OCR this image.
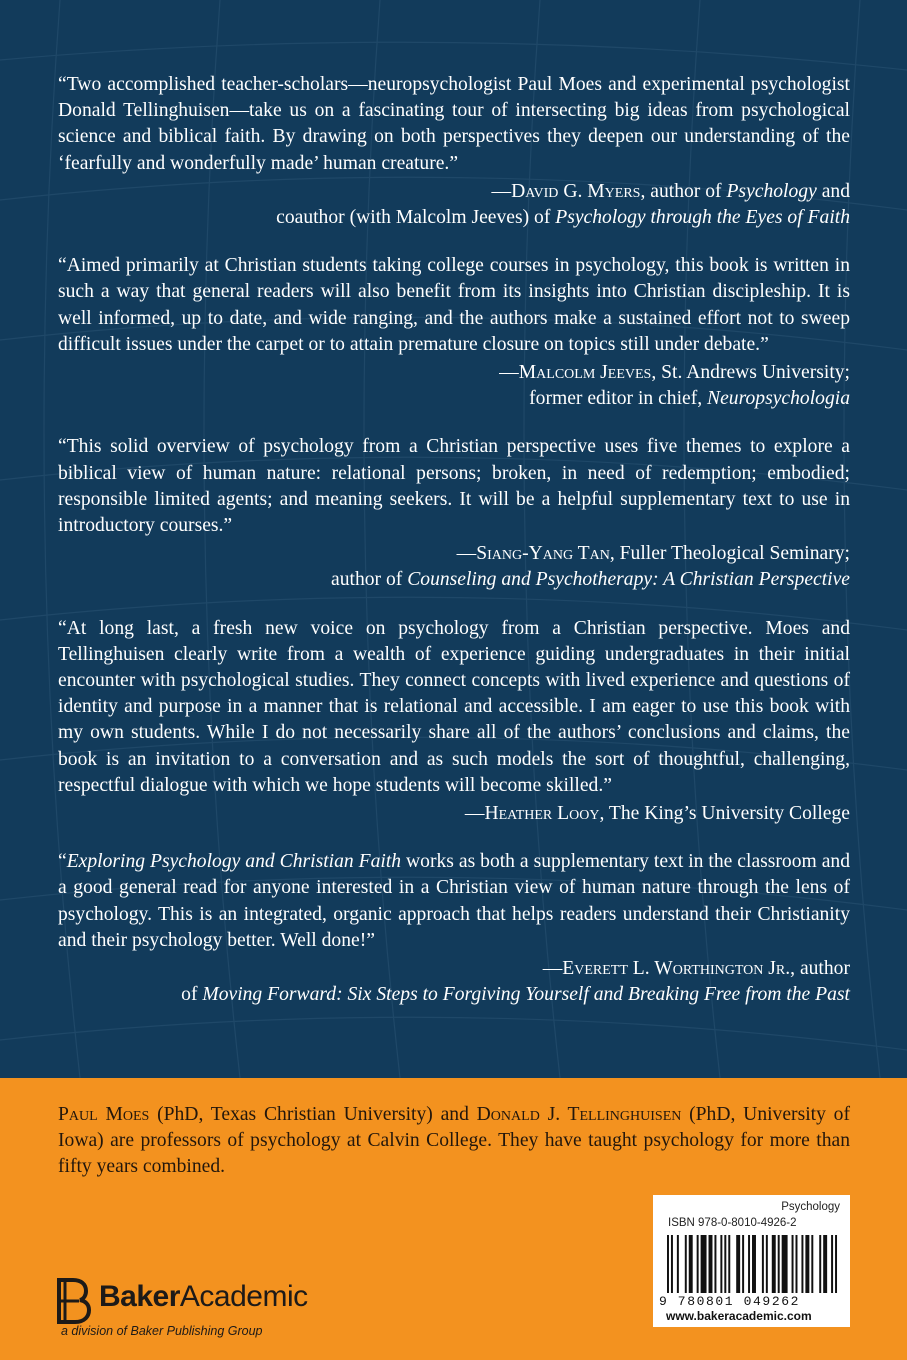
“Two accomplished teacher-scholars—neuropsychologist Paul Moes and experimental psychologist Donald Tellinghuisen—take us on a fascinating tour of intersecting big ideas from psychological science and biblical faith. By drawing on both perspectives they deepen our understanding of the ‘fearfully and wonderfully made’ human creature.”

—David G. Myers, author of Psychology and
coauthor (with Malcolm Jeeves) of Psychology through the Eyes of Faith

“Aimed primarily at Christian students taking college courses in psychology, this book is written in such a way that general readers will also benefit from its insights into Christian discipleship. It is well informed, up to date, and wide ranging, and the authors make a sustained effort not to sweep difficult issues under the carpet or to attain premature closure on topics still under debate.”

—Malcolm Jeeves, St. Andrews University;
former editor in chief, Neuropsychologia

“This solid overview of psychology from a Christian perspective uses five themes to explore a biblical view of human nature: relational persons; broken, in need of redemption; embodied; responsible limited agents; and meaning seekers. It will be a helpful supplementary text to use in introductory courses.”

—Siang-Yang Tan, Fuller Theological Seminary;
author of Counseling and Psychotherapy: A Christian Perspective

“At long last, a fresh new voice on psychology from a Christian perspective. Moes and Tellinghuisen clearly write from a wealth of experience guiding undergraduates in their initial encounter with psychological studies. They connect concepts with lived experience and questions of identity and purpose in a manner that is relational and accessible. I am eager to use this book with my own students. While I do not necessarily share all of the authors’ conclusions and claims, the book is an invitation to a conversation and as such models the sort of thoughtful, challenging, respectful dialogue with which we hope students will become skilled.”

—Heather Looy, The King’s University College

“Exploring Psychology and Christian Faith works as both a supplementary text in the classroom and a good general read for anyone interested in a Christian view of human nature through the lens of psychology. This is an integrated, organic approach that helps readers understand their Christianity and their psychology better. Well done!”

—Everett L. Worthington Jr., author
of Moving Forward: Six Steps to Forgiving Yourself and Breaking Free from the Past

Paul Moes (PhD, Texas Christian University) and Donald J. Tellinghuisen (PhD, University of Iowa) are professors of psychology at Calvin College. They have taught psychology for more than fifty years combined.

BakerAcademic
a division of Baker Publishing Group
Psychology
ISBN 978-0-8010-4926-2
9 780801 049262
www.bakeracademic.com
